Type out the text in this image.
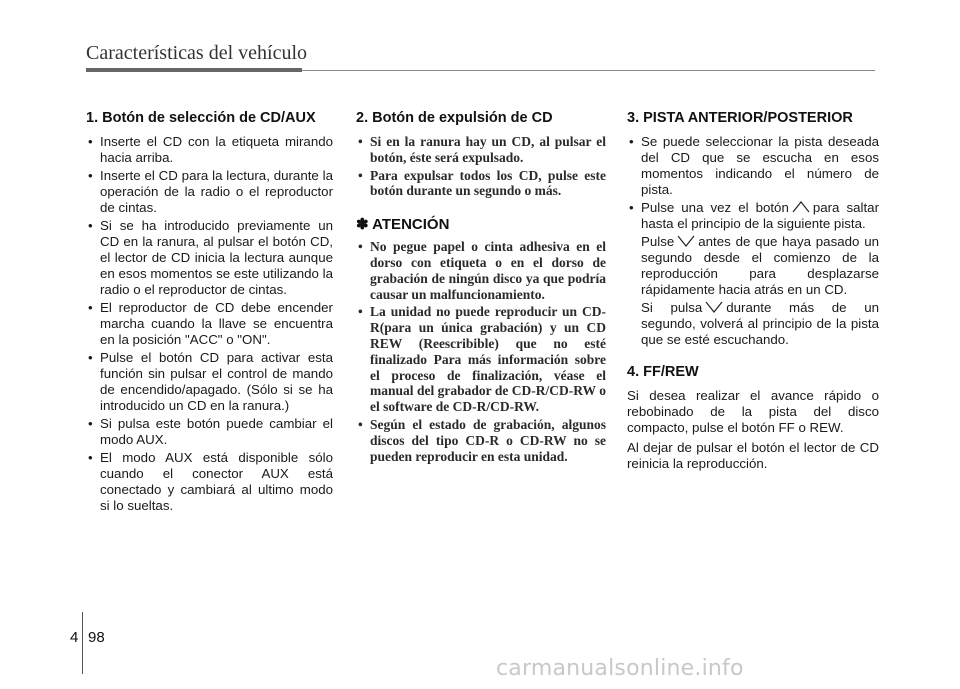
Características del vehículo
1. Botón de selección de CD/AUX
• Inserte el CD con la etiqueta mirando hacia arriba.
• Inserte el CD para la lectura, durante la operación de la radio o el reproductor de cintas.
• Si se ha introducido previamente un CD en la ranura, al pulsar el botón CD, el lector de CD inicia la lectura aunque en esos momentos se este utilizando la radio o el reproductor de cintas.
• El reproductor de CD debe encender marcha cuando la llave se encuentra en la posición "ACC" o "ON".
• Pulse el botón CD para activar esta función sin pulsar el control de mando de encendido/apagado. (Sólo si se ha introducido un CD en la ranura.)
• Si pulsa este botón puede cambiar el modo AUX.
• El modo AUX está disponible sólo cuando el conector AUX está conectado y cambiará al ultimo modo si lo sueltas.
2. Botón de expulsión de CD
• Si en la ranura hay un CD, al pulsar el botón, éste será expulsado.
• Para expulsar todos los CD, pulse este botón durante un segundo o más.
✽ ATENCIÓN
• No pegue papel o cinta adhesiva en el dorso con etiqueta o en el dorso de grabación de ningún disco ya que podría causar un malfuncionamiento.
• La unidad no puede reproducir un CD-R(para un única grabación) y un CD REW (Reescribible) que no esté finalizado Para más información sobre el proceso de finalización, véase el manual del grabador de CD-R/CD-RW o el software de CD-R/CD-RW.
• Según el estado de grabación, algunos discos del tipo CD-R o CD-RW no se pueden reproducir en esta unidad.
3. PISTA ANTERIOR/POSTERIOR
• Se puede seleccionar la pista deseada del CD que se escucha en esos momentos indicando el número de pista.
• Pulse una vez el botón para saltar hasta el principio de la siguiente pista.

Pulse antes de que haya pasado un segundo desde el comienzo de la reproducción para desplazarse rápidamente hacia atrás en un CD.

Si pulsa durante más de un segundo, volverá al principio de la pista que se esté escuchando.

4. FF/REW

Si desea realizar el avance rápido o rebobinado de la pista del disco compacto, pulse el botón FF o REW.

Al dejar de pulsar el botón el lector de CD reinicia la reproducción.

4 98
carmanualsonline.info
